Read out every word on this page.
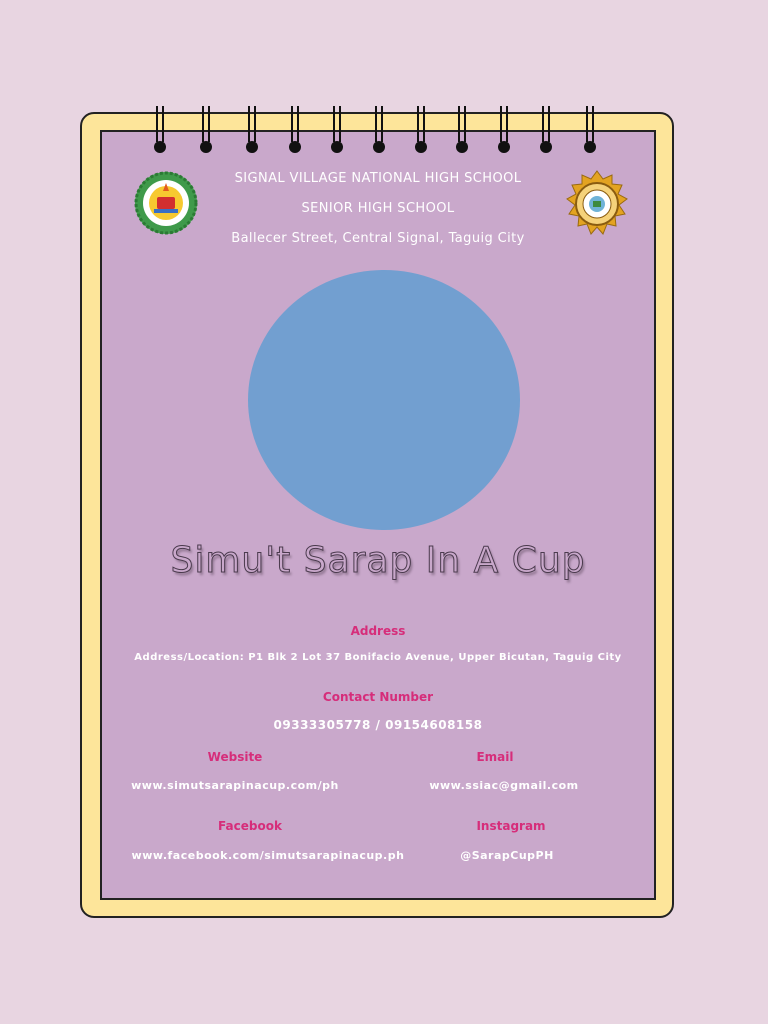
SIGNAL VILLAGE NATIONAL HIGH SCHOOL
SENIOR HIGH SCHOOL
Ballecer Street, Central Signal, Taguig City
Simu't Sarap In A Cup
Address
Address/Location: P1 Blk 2 Lot 37 Bonifacio Avenue, Upper Bicutan, Taguig City
Contact Number
09333305778 / 09154608158
Website
www.simutsarapinacup.com/ph
Email
www.ssiac@gmail.com
Facebook
www.facebook.com/simutsarapinacup.ph
Instagram
@SarapCupPH
